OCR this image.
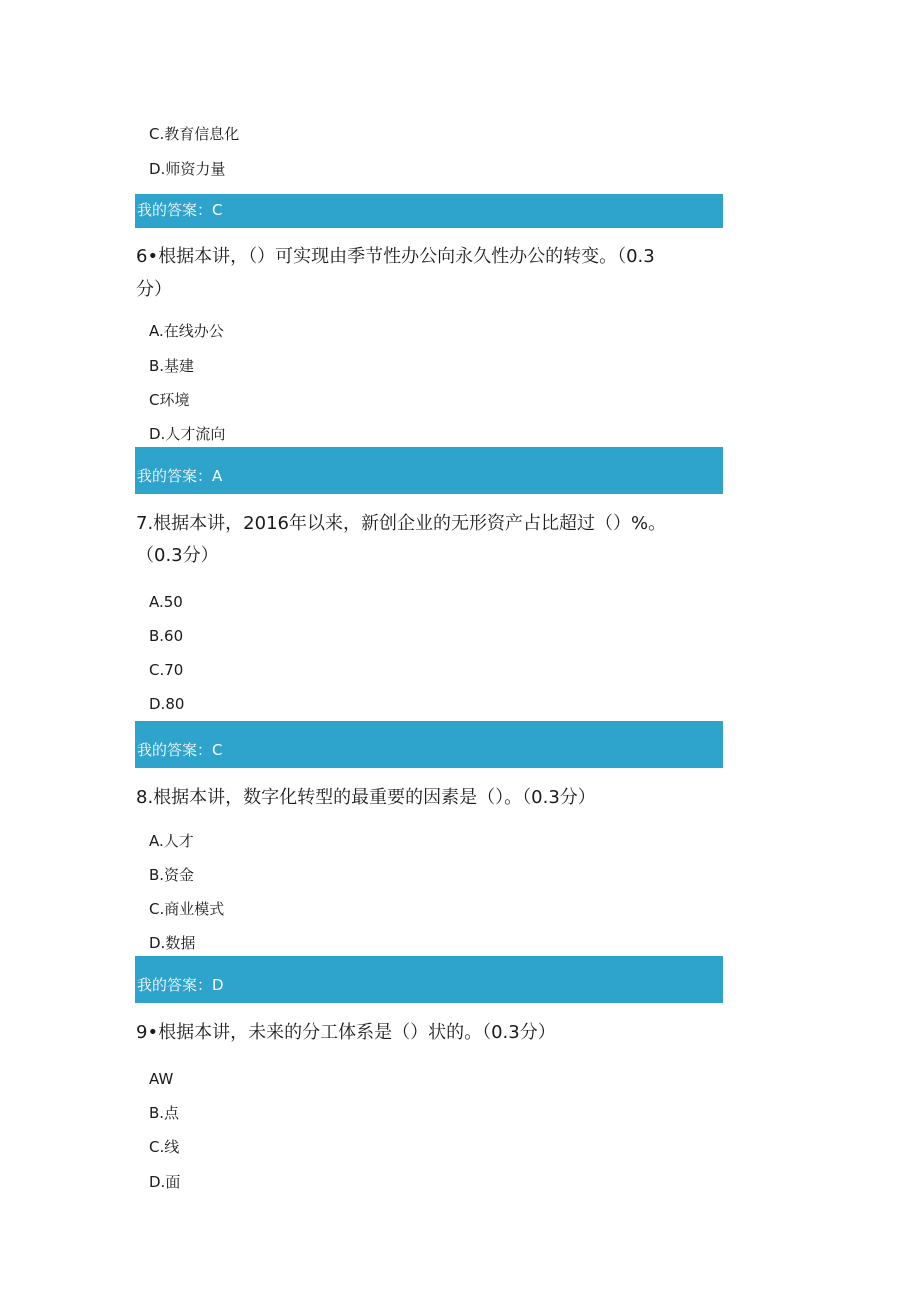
C.教育信息化
D.师资力量
我的答案：C
6•根据本讲，（）可实现由季节性办公向永久性办公的转变。（0.3
分）
A.在线办公
B.基建
C环境
D.人才流向
我的答案：A
7.根据本讲，2016年以来，新创企业的无形资产占比超过（）%。
（0.3分）
A.50
B.60
C.70
D.80
我的答案：C
8.根据本讲，数字化转型的最重要的因素是（）。（0.3分）
A.人才
B.资金
C.商业模式
D.数据
我的答案：D
9•根据本讲，未来的分工体系是（）状的。（0.3分）
AW
B.点
C.线
D.面
